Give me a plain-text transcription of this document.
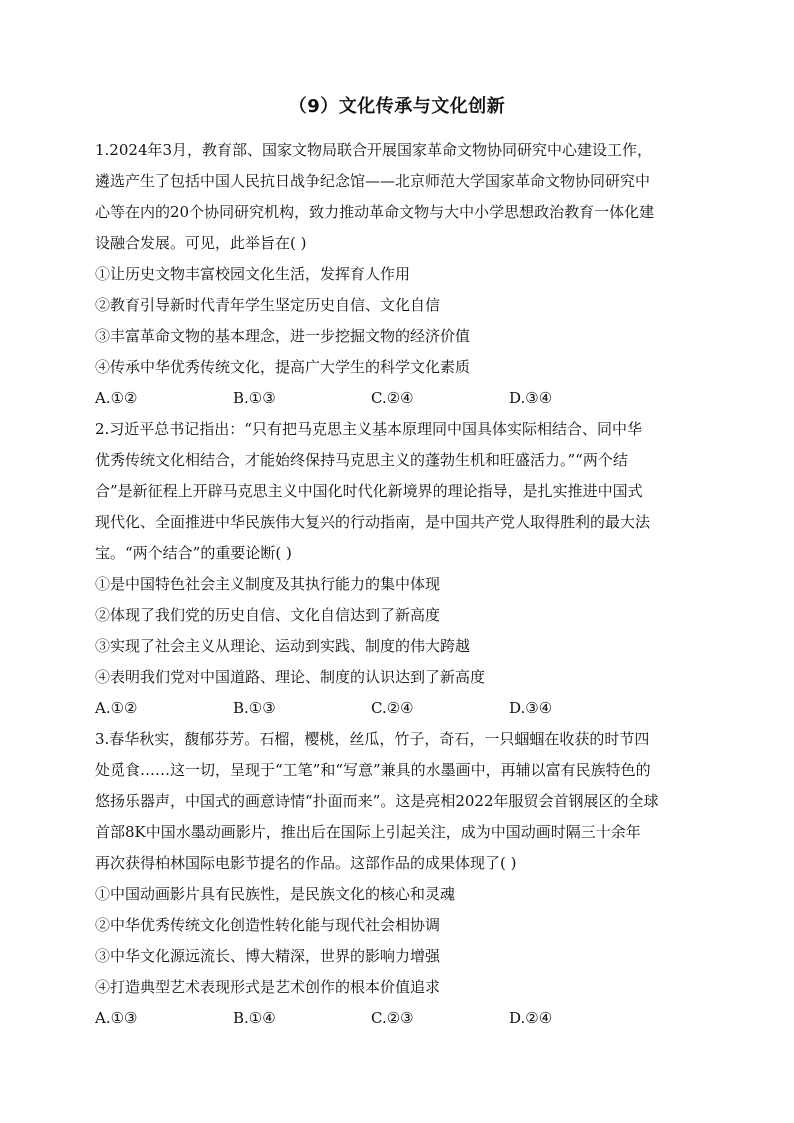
（9）文化传承与文化创新
1.2024年3月，教育部、国家文物局联合开展国家革命文物协同研究中心建设工作，
遴选产生了包括中国人民抗日战争纪念馆——北京师范大学国家革命文物协同研究中
心等在内的20个协同研究机构，致力推动革命文物与大中小学思想政治教育一体化建
设融合发展。可见，此举旨在( )
①让历史文物丰富校园文化生活，发挥育人作用
②教育引导新时代青年学生坚定历史自信、文化自信
③丰富革命文物的基本理念，进一步挖掘文物的经济价值
④传承中华优秀传统文化，提高广大学生的科学文化素质
A.①②	B.①③	C.②④	D.③④
2.习近平总书记指出：“只有把马克思主义基本原理同中国具体实际相结合、同中华
优秀传统文化相结合，才能始终保持马克思主义的蓬勃生机和旺盛活力。”“两个结
合”是新征程上开辟马克思主义中国化时代化新境界的理论指导，是扎实推进中国式
现代化、全面推进中华民族伟大复兴的行动指南，是中国共产党人取得胜利的最大法
宝。“两个结合”的重要论断( )
①是中国特色社会主义制度及其执行能力的集中体现
②体现了我们党的历史自信、文化自信达到了新高度
③实现了社会主义从理论、运动到实践、制度的伟大跨越
④表明我们党对中国道路、理论、制度的认识达到了新高度
A.①②	B.①③	C.②④	D.③④
3.春华秋实，馥郁芬芳。石榴，樱桃，丝瓜，竹子，奇石，一只蝈蝈在收获的时节四
处觅食……这一切，呈现于“工笔”和“写意”兼具的水墨画中，再辅以富有民族特色的
悠扬乐器声，中国式的画意诗情“扑面而来”。这是亮相2022年服贸会首钢展区的全球
首部8K中国水墨动画影片，推出后在国际上引起关注，成为中国动画时隔三十余年
再次获得柏林国际电影节提名的作品。这部作品的成果体现了( )
①中国动画影片具有民族性，是民族文化的核心和灵魂
②中华优秀传统文化创造性转化能与现代社会相协调
③中华文化源远流长、博大精深，世界的影响力增强
④打造典型艺术表现形式是艺术创作的根本价值追求
A.①③	B.①④	C.②③	D.②④
